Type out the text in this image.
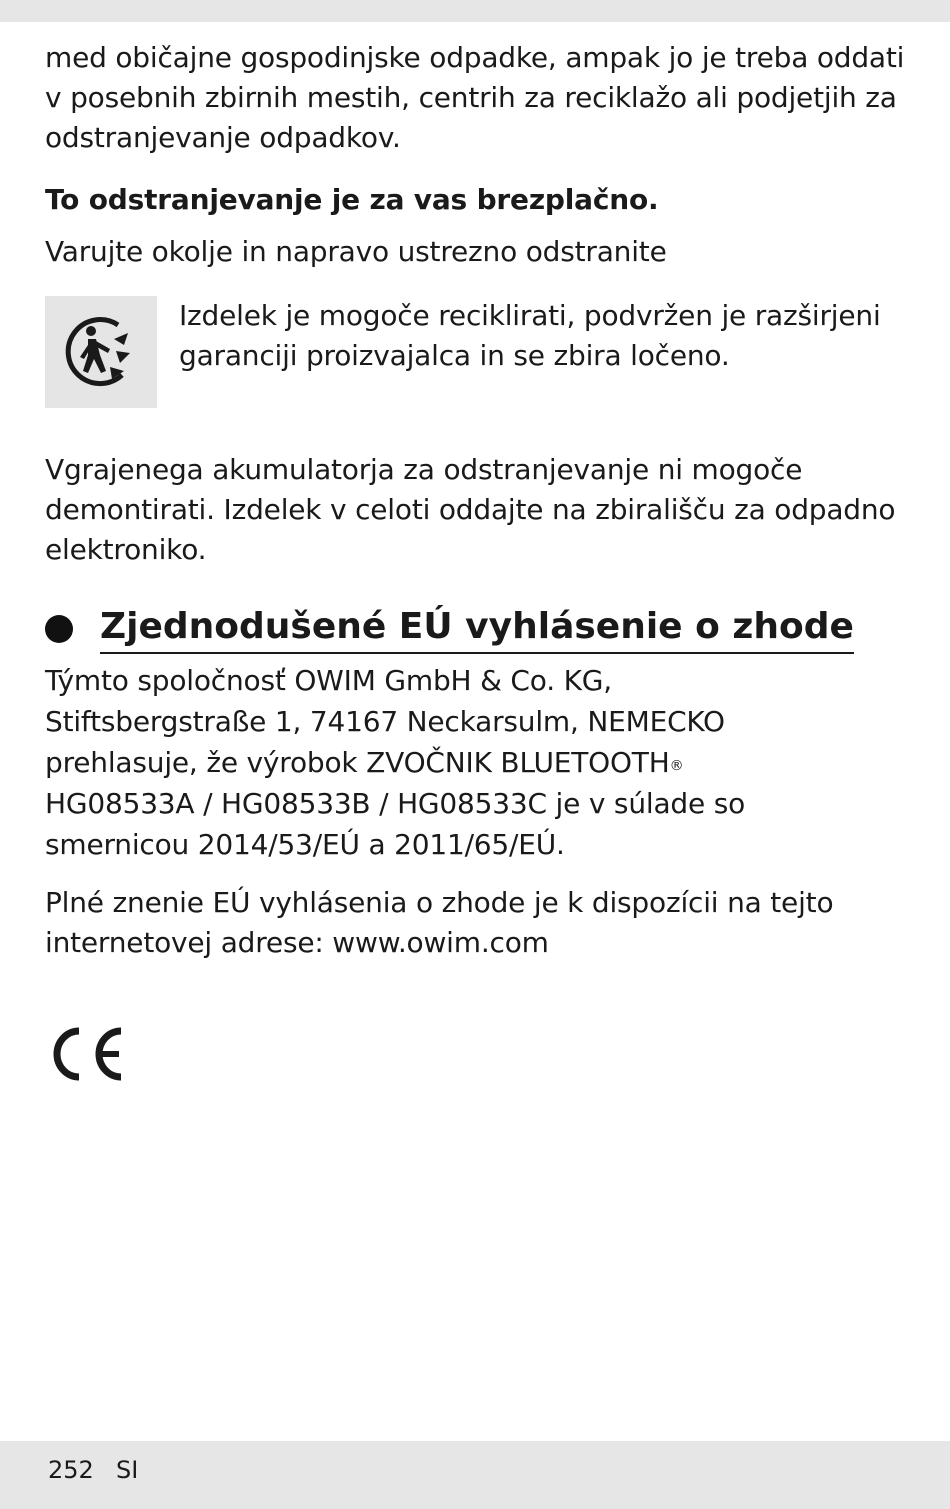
med običajne gospodinjske odpadke, ampak jo je treba oddati v posebnih zbirnih mestih, centrih za reciklažo ali podjetjih za odstranjevanje odpadkov.

To odstranjevanje je za vas brezplačno.

Varujte okolje in napravo ustrezno odstranite

Izdelek je mogoče reciklirati, podvržen je razširjeni garanciji proizvajalca in se zbira ločeno.

Vgrajenega akumulatorja za odstranjevanje ni mogoče demontirati. Izdelek v celoti oddajte na zbirališču za odpadno elektroniko.

Zjednodušené EÚ vyhlásenie o zhode

Týmto spoločnosť OWIM GmbH & Co. KG,
Stiftsbergstraße 1, 74167 Neckarsulm, NEMECKO
prehlasuje, že výrobok ZVOČNIK BLUETOOTH®
HG08533A / HG08533B / HG08533C je v súlade so
smernicou 2014/53/EÚ a 2011/65/EÚ.

Plné znenie EÚ vyhlásenia o zhode je k dispozícii na tejto internetovej adrese: www.owim.com

252 SI
